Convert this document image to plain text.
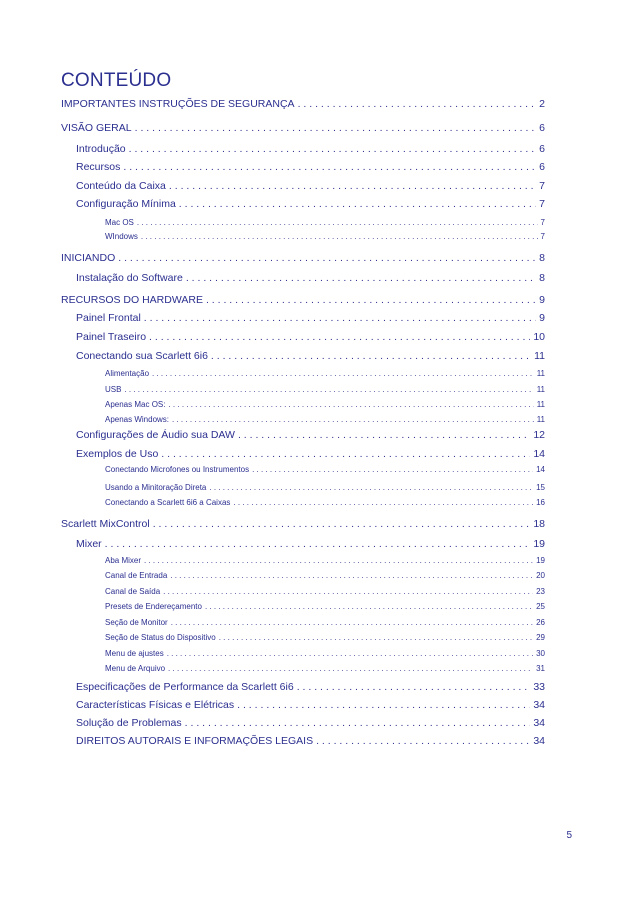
CONTEÚDO
IMPORTANTES INSTRUÇÕES DE SEGURANÇA . . .	2
VISÃO GERAL . . .	6
Introdução . . .	6
Recursos . . .	6
Conteúdo da Caixa . . .	7
Configuração Mínima . . .	7
Mac OS . . .	7
WIndows . . .	7
INICIANDO . . .	8
Instalação do Software . . .	8
RECURSOS DO HARDWARE . . .	9
Painel Frontal . . .	9
Painel Traseiro . . .	10
Conectando sua Scarlett 6i6 . . .	11
Alimentação . . .	11
USB . . .	11
Apenas Mac OS: . . .	11
Apenas Windows: . . .	11
Configurações de Áudio sua DAW . . .	12
Exemplos de Uso . . .	14
Conectando Microfones ou Instrumentos . . .	14
Usando a Minitoração Direta . . .	15
Conectando a Scarlett 6i6 a Caixas . . .	16
Scarlett MixControl . . .	18
Mixer . . .	19
Aba Mixer . . .	19
Canal de Entrada . . .	20
Canal de Saída . . .	23
Presets de Endereçamento . . .	25
Seção de Monitor . . .	26
Seção de Status do Dispositivo . . .	29
Menu de ajustes . . .	30
Menu de Arquivo . . .	31
Especificações de Performance da Scarlett 6i6 . . .	33
Características Físicas e Elétricas . . .	34
Solução de Problemas . . .	34
DIREITOS AUTORAIS E INFORMAÇÕES LEGAIS . . .	34
5
